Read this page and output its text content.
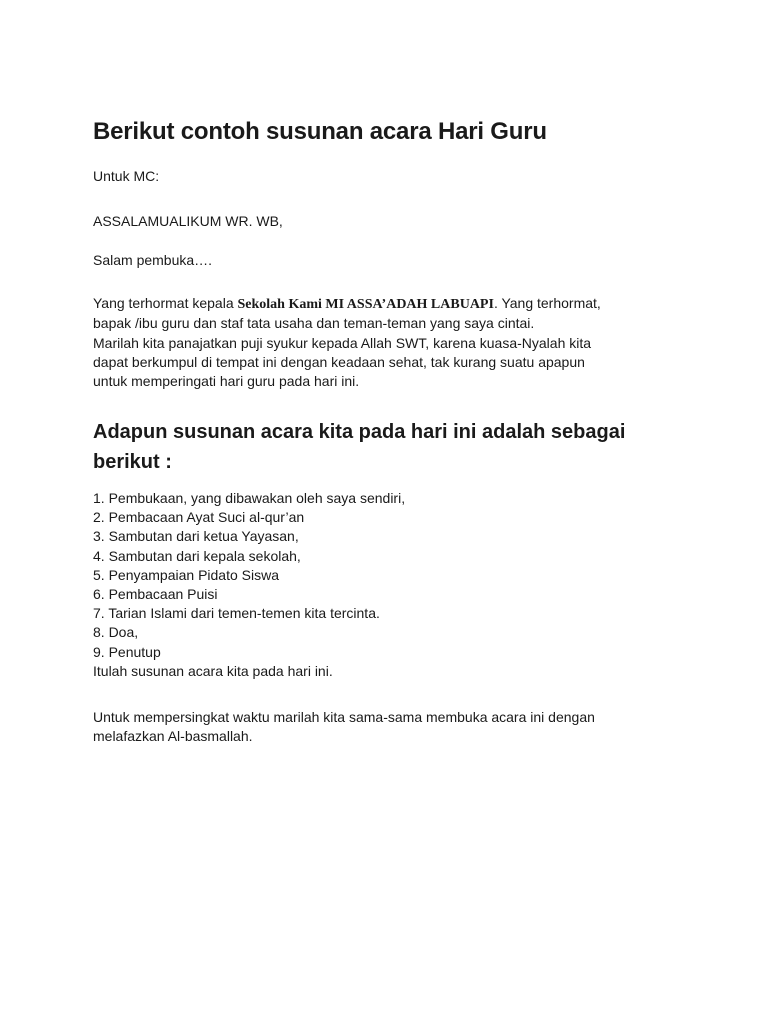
Berikut contoh susunan acara Hari Guru

Untuk MC:

ASSALAMUALIKUM WR. WB,

Salam pembuka….

Yang terhormat kepala Sekolah Kami MI ASSA’ADAH LABUAPI. Yang terhormat,
bapak /ibu guru dan staf tata usaha dan teman-teman yang saya cintai.
Marilah kita panajatkan puji syukur kepada Allah SWT, karena kuasa-Nyalah kita
dapat berkumpul di tempat ini dengan keadaan sehat, tak kurang suatu apapun
untuk memperingati hari guru pada hari ini.
Adapun susunan acara kita pada hari ini adalah sebagai
berikut :
1. Pembukaan, yang dibawakan oleh saya sendiri,
2. Pembacaan Ayat Suci al-qur’an
3. Sambutan dari ketua Yayasan,
4. Sambutan dari kepala sekolah,
5. Penyampaian Pidato Siswa
6. Pembacaan Puisi
7. Tarian Islami dari temen-temen kita tercinta.
8. Doa,
9. Penutup
Itulah susunan acara kita pada hari ini.
Untuk mempersingkat waktu marilah kita sama-sama membuka acara ini dengan
melafazkan Al-basmallah.
